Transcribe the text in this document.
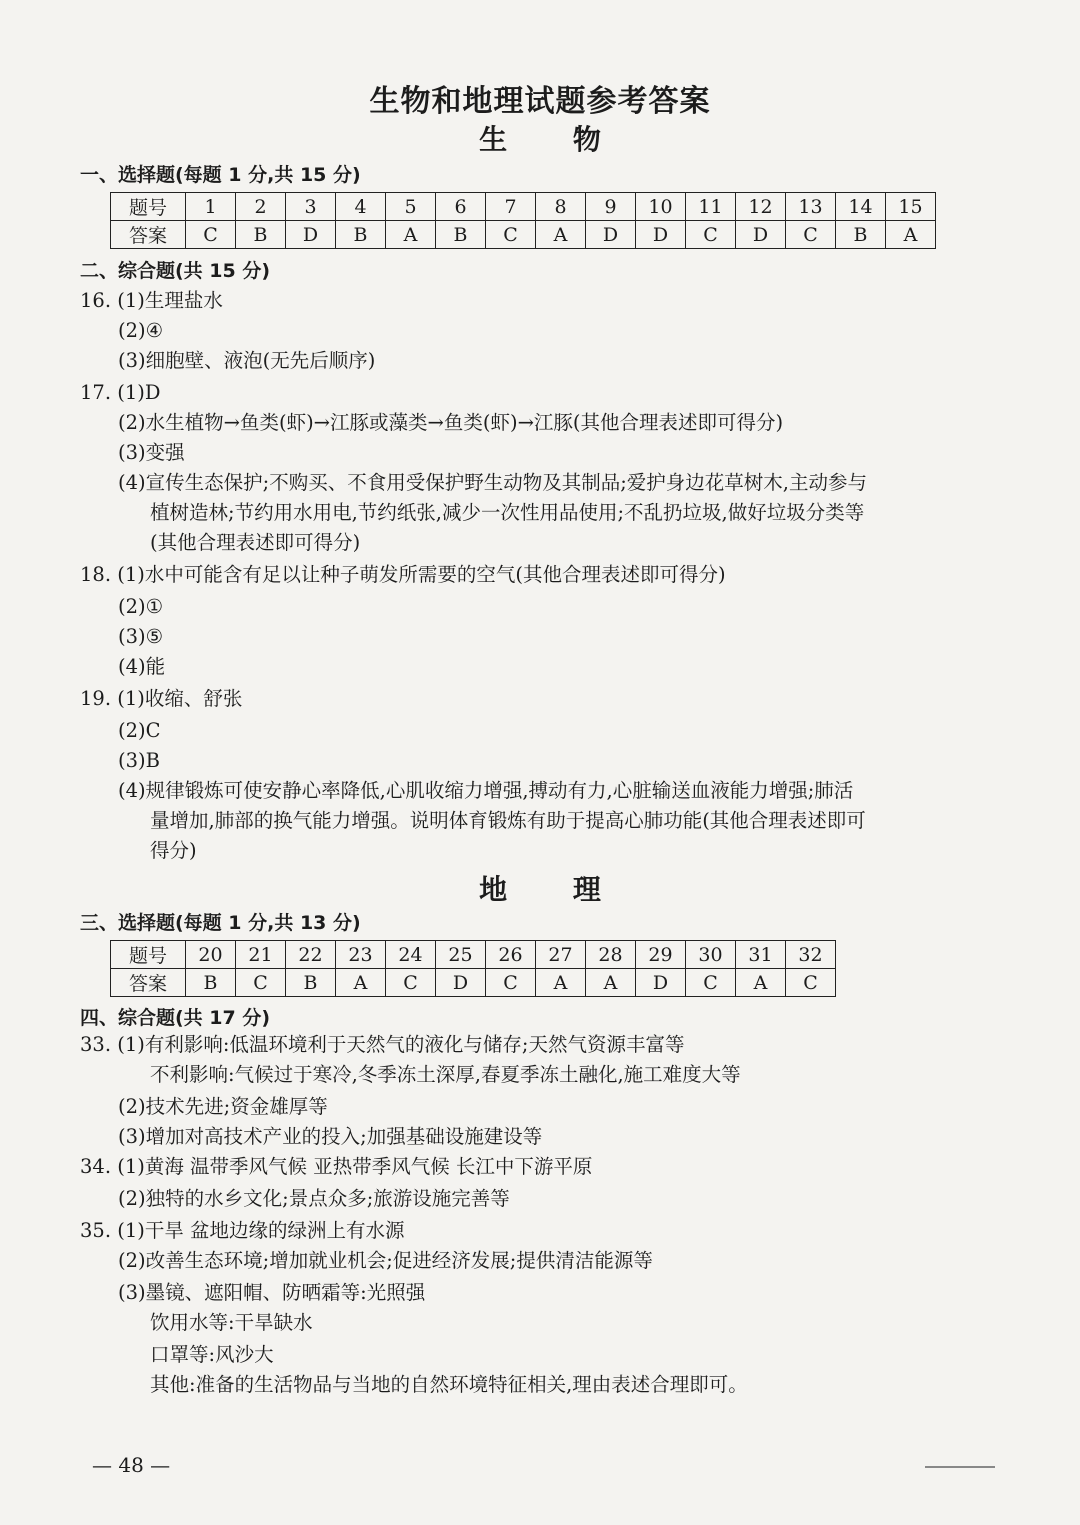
生物和地理试题参考答案
生 物
一、选择题(每题 1 分,共 15 分)
题号	1	2	3	4	5	6	7	8	9	10	11	12	13	14	15
答案	C	B	D	B	A	B	C	A	D	D	C	D	C	B	A
二、综合题(共 15 分)
16. (1)生理盐水
(2)④
(3)细胞壁、液泡(无先后顺序)
17. (1)D
(2)水生植物→鱼类(虾)→江豚或藻类→鱼类(虾)→江豚(其他合理表述即可得分)
(3)变强
(4)宣传生态保护;不购买、不食用受保护野生动物及其制品;爱护身边花草树木,主动参与
植树造林;节约用水用电,节约纸张,减少一次性用品使用;不乱扔垃圾,做好垃圾分类等
(其他合理表述即可得分)
18. (1)水中可能含有足以让种子萌发所需要的空气(其他合理表述即可得分)
(2)①
(3)⑤
(4)能
19. (1)收缩、舒张
(2)C
(3)B
(4)规律锻炼可使安静心率降低,心肌收缩力增强,搏动有力,心脏输送血液能力增强;肺活
量增加,肺部的换气能力增强。说明体育锻炼有助于提高心肺功能(其他合理表述即可
得分)
地 理
三、选择题(每题 1 分,共 13 分)
题号	20	21	22	23	24	25	26	27	28	29	30	31	32
答案	B	C	B	A	C	D	C	A	A	D	C	A	C
四、综合题(共 17 分)
33. (1)有利影响:低温环境利于天然气的液化与储存;天然气资源丰富等
不利影响:气候过于寒冷,冬季冻土深厚,春夏季冻土融化,施工难度大等
(2)技术先进;资金雄厚等
(3)增加对高技术产业的投入;加强基础设施建设等
34. (1)黄海 温带季风气候 亚热带季风气候 长江中下游平原
(2)独特的水乡文化;景点众多;旅游设施完善等
35. (1)干旱 盆地边缘的绿洲上有水源
(2)改善生态环境;增加就业机会;促进经济发展;提供清洁能源等
(3)墨镜、遮阳帽、防晒霜等:光照强
饮用水等:干旱缺水
口罩等:风沙大
其他:准备的生活物品与当地的自然环境特征相关,理由表述合理即可。
— 48 —
